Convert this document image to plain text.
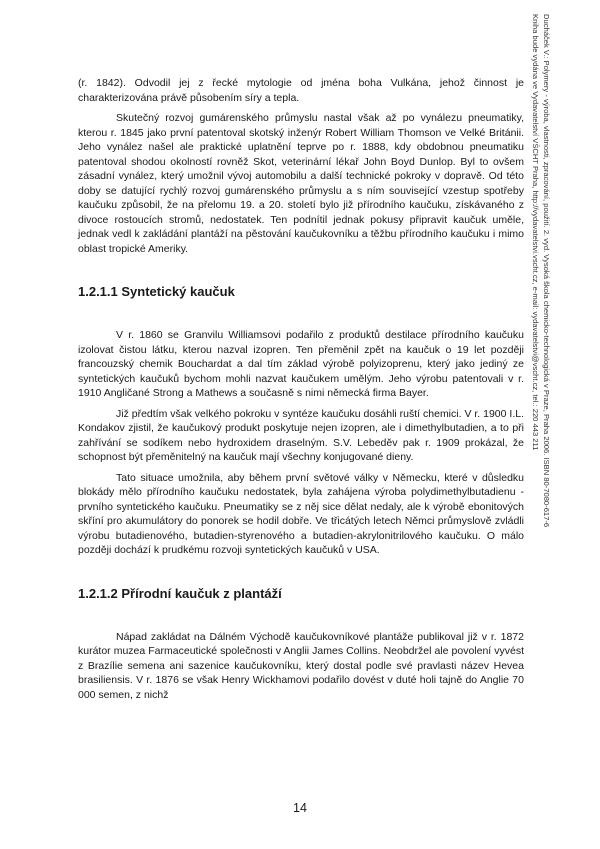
Ducháček V.: Polymery - výroba, vlastnosti, zpracování, použití. 2. vyd. Vysoká škola chemicko-technologická v Praze, Praha 2006. ISBN 80-7080-617-6
Kniha bude vydána ve Vydavatelství VŠCHT Praha, http://vydavatelstvi.vscht.cz, e-mail: vydavatelstvi@vscht.cz, tel.: 220 443 211

(r. 1842). Odvodil jej z řecké mytologie od jména boha Vulkána, jehož činnost je charakterizována právě působením síry a tepla.

Skutečný rozvoj gumárenského průmyslu nastal však až po vynálezu pneumatiky, kterou r. 1845 jako první patentoval skotský inženýr Robert William Thomson ve Velké Británii. Jeho vynález našel ale praktické uplatnění teprve po r. 1888, kdy obdobnou pneumatiku patentoval shodou okolností rovněž Skot, veterinární lékař John Boyd Dunlop. Byl to ovšem zásadní vynález, který umožnil vývoj automobilu a další technické pokroky v dopravě. Od této doby se datující rychlý rozvoj gumárenského průmyslu a s ním související vzestup spotřeby kaučuku způsobil, že na přelomu 19. a 20. století bylo již přírodního kaučuku, získávaného z divoce rostoucích stromů, nedostatek. Ten podnítil jednak pokusy připravit kaučuk uměle, jednak vedl k zakládání plantáží na pěstování kaučukovníku a těžbu přírodního kaučuku i mimo oblast tropické Ameriky.

1.2.1.1 Syntetický kaučuk

V r. 1860 se Granvilu Williamsovi podařilo z produktů destilace přírodního kaučuku izolovat čistou látku, kterou nazval izopren. Ten přeměnil zpět na kaučuk o 19 let později francouzský chemik Bouchardat a dal tím základ výrobě polyizoprenu, který jako jediný ze syntetických kaučuků bychom mohli nazvat kaučukem umělým. Jeho výrobu patentovali v r. 1910 Angličané Strong a Mathews a současně s nimi německá firma Bayer.

Již předtím však velkého pokroku v syntéze kaučuku dosáhli ruští chemici. V r. 1900 I.L. Kondakov zjistil, že kaučukový produkt poskytuje nejen izopren, ale i dimethylbutadien, a to při zahřívání se sodíkem nebo hydroxidem draselným. S.V. Lebeděv pak r. 1909 prokázal, že schopnost být přeměnitelný na kaučuk mají všechny konjugované dieny.

Tato situace umožnila, aby během první světové války v Německu, které v důsledku blokády mělo přírodního kaučuku nedostatek, byla zahájena výroba polydimethylbutadienu - prvního syntetického kaučuku. Pneumatiky se z něj sice dělat nedaly, ale k výrobě ebonitových skříní pro akumulátory do ponorek se hodil dobře. Ve třicátých letech Němci průmyslově zvládli výrobu butadienového, butadien-styrenového a butadien-akrylonitrilového kaučuku. O málo později dochází k prudkému rozvoji syntetických kaučuků v USA.

1.2.1.2 Přírodní kaučuk z plantáží

Nápad zakládat na Dálném Východě kaučukovníkové plantáže publikoval již v r. 1872 kurátor muzea Farmaceutické společnosti v Anglii James Collins. Neobdržel ale povolení vyvést z Brazílie semena ani sazenice kaučukovníku, který dostal podle své pravlasti název Hevea brasiliensis. V r. 1876 se však Henry Wickhamovi podařilo dovést v duté holi tajně do Anglie 70 000 semen, z nichž

14
